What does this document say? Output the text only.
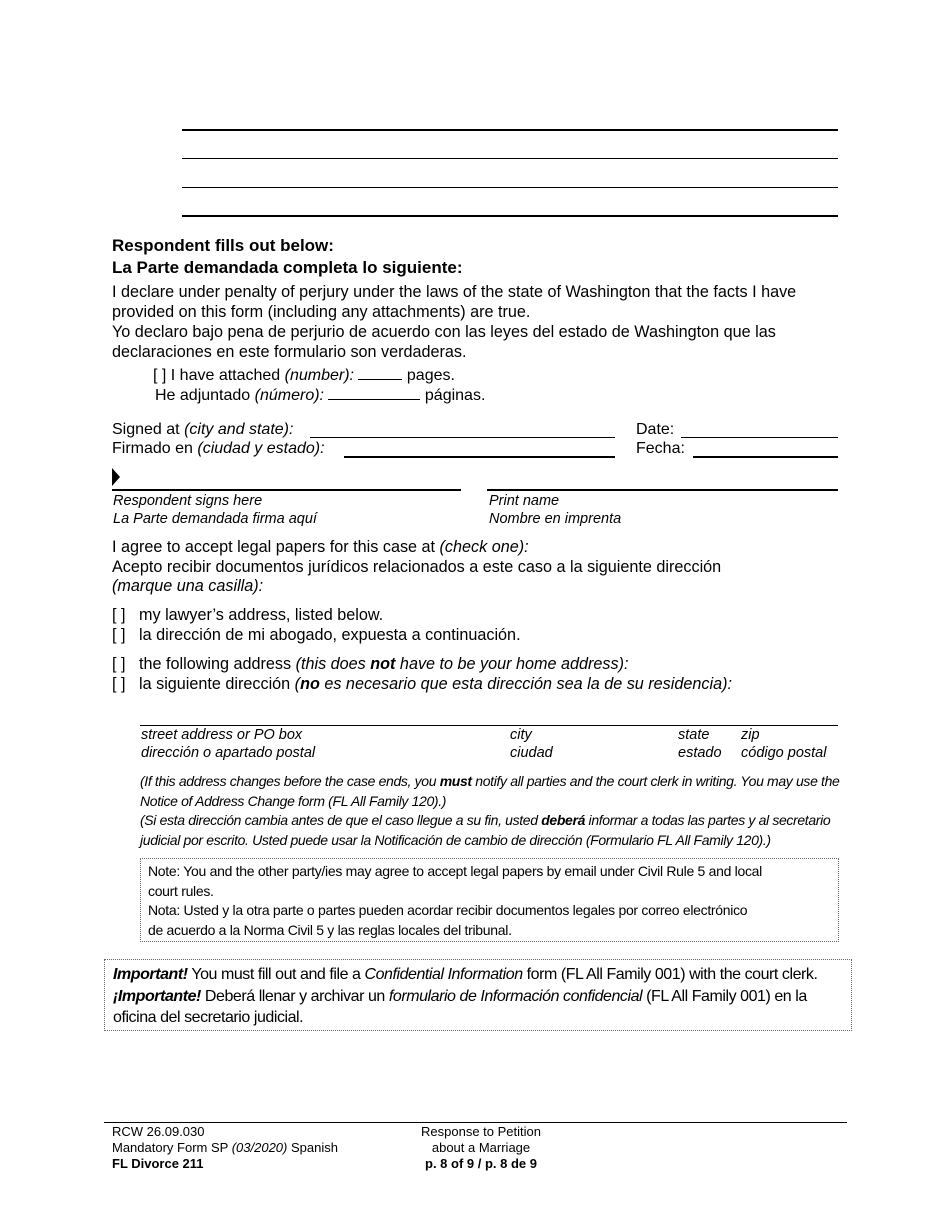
Respondent fills out below:
La Parte demandada completa lo siguiente:
I declare under penalty of perjury under the laws of the state of Washington that the facts I have provided on this form (including any attachments) are true.
Yo declaro bajo pena de perjurio de acuerdo con las leyes del estado de Washington que las declaraciones en este formulario son verdaderas.
[ ] I have attached (number):	pages.
He adjuntado (número):	páginas.
Signed at (city and state):
Firmado en (ciudad y estado):
Date:
Fecha:
Respondent signs here
La Parte demandada firma aquí
Print name
Nombre en imprenta
I agree to accept legal papers for this case at (check one):
Acepto recibir documentos jurídicos relacionados a este caso a la siguiente dirección
(marque una casilla):
[ ] my lawyer’s address, listed below.
[ ] la dirección de mi abogado, expuesta a continuación.
[ ] the following address (this does not have to be your home address):
[ ] la siguiente dirección (no es necesario que esta dirección sea la de su residencia):
street address or PO box
dirección o apartado postal
city
ciudad
state
estado
zip
código postal
(If this address changes before the case ends, you must notify all parties and the court clerk in writing. You may use the Notice of Address Change form (FL All Family 120).)
(Si esta dirección cambia antes de que el caso llegue a su fin, usted deberá informar a todas las partes y al secretario judicial por escrito. Usted puede usar la Notificación de cambio de dirección (Formulario FL All Family 120).)
Note: You and the other party/ies may agree to accept legal papers by email under Civil Rule 5 and local
court rules.
Nota: Usted y la otra parte o partes pueden acordar recibir documentos legales por correo electrónico
de acuerdo a la Norma Civil 5 y las reglas locales del tribunal.
Important! You must fill out and file a Confidential Information form (FL All Family 001) with the court clerk.
¡Importante! Deberá llenar y archivar un formulario de Información confidencial (FL All Family 001) en la
oficina del secretario judicial.
RCW 26.09.030
Mandatory Form SP (03/2020) Spanish
FL Divorce 211
Response to Petition
about a Marriage
p. 8 of 9 / p. 8 de 9
